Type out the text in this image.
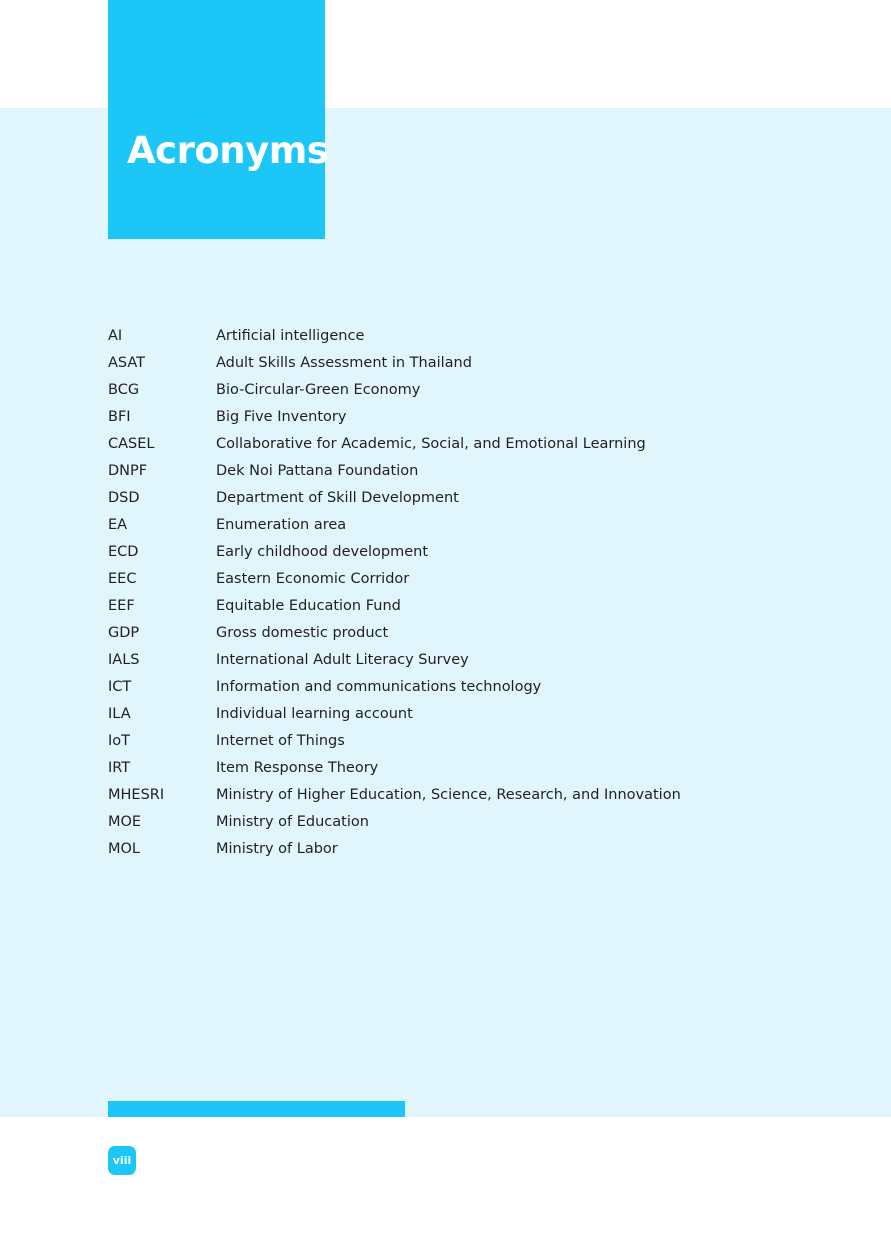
Acronyms
AI	Artificial intelligence
ASAT	Adult Skills Assessment in Thailand
BCG	Bio-Circular-Green Economy
BFI	Big Five Inventory
CASEL	Collaborative for Academic, Social, and Emotional Learning
DNPF	Dek Noi Pattana Foundation
DSD	Department of Skill Development
EA	Enumeration area
ECD	Early childhood development
EEC	Eastern Economic Corridor
EEF	Equitable Education Fund
GDP	Gross domestic product
IALS	International Adult Literacy Survey
ICT	Information and communications technology
ILA	Individual learning account
IoT	Internet of Things
IRT	Item Response Theory
MHESRI	Ministry of Higher Education, Science, Research, and Innovation
MOE	Ministry of Education
MOL	Ministry of Labor
viii
